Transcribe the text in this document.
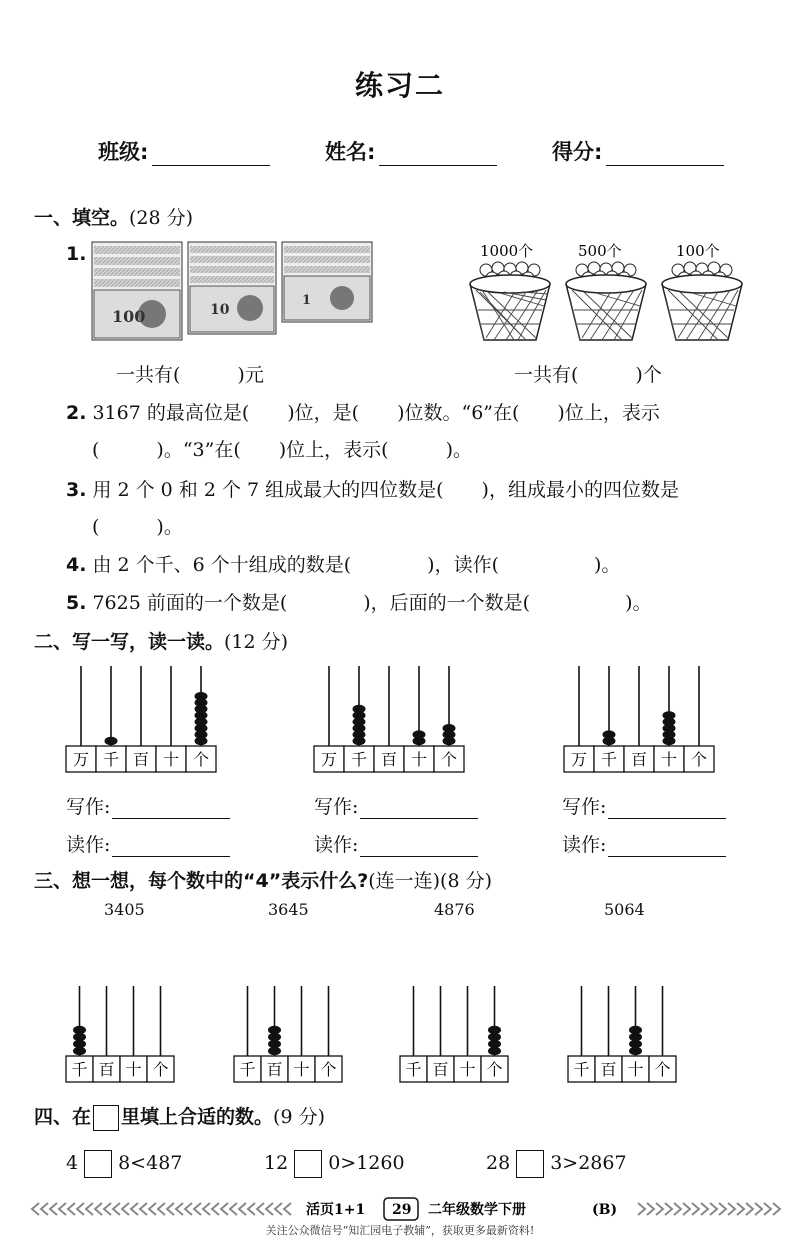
练习二
班级:	姓名:	得分:
一、填空。(28 分)
1.
100	10
1
1000个	500个	100个
一共有(　　　)元	一共有(　　　)个
2. 3167 的最高位是(　　)位，是(　　)位数。“6”在(　　)位上，表示
(　　　)。“3”在(　　)位上，表示(　　　)。
3. 用 2 个 0 和 2 个 7 组成最大的四位数是(　　)，组成最小的四位数是
(　　　)。
4. 由 2 个千、6 个十组成的数是(　　　　)，读作(　　　　　)。
5. 7625 前面的一个数是(　　　　)，后面的一个数是(　　　　　)。
二、写一写，读一读。(12 分)
万 千 百 十 个	万 千 百 十 个	万 千 百 十 个
写作:	写作:	写作:
读作:	读作:	读作:
三、想一想，每个数中的“4”表示什么?(连一连)(8 分)
3405	3645	4876	5064
千 百 十 个	千 百 十 个	千 百 十 个	千 百 十 个
四、在 里填上合适的数。(9 分)
4 8<487	12 0>1260	28 3>2867
活页1+1 29 二年级数学下册	(B)
关注公众微信号“知汇园电子教辅”，获取更多最新资料!
